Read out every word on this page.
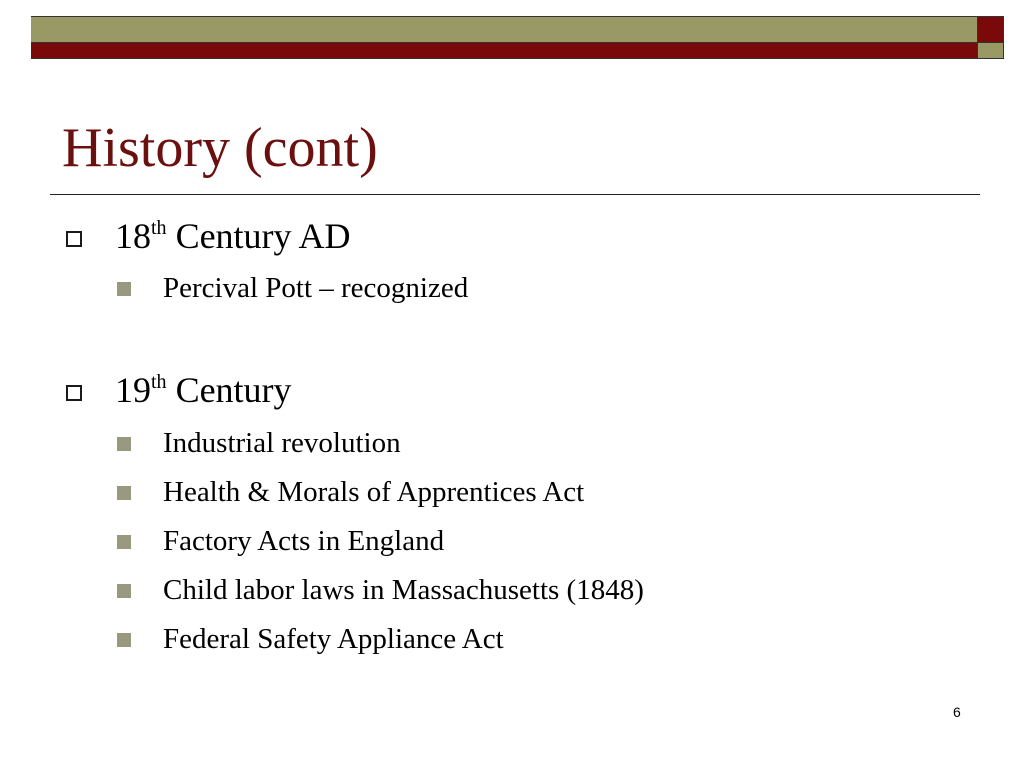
History (cont)
18th Century AD
Percival Pott – recognized
19th Century
Industrial revolution
Health & Morals of Apprentices Act
Factory Acts in England
Child labor laws in Massachusetts (1848)
Federal Safety Appliance Act
6
